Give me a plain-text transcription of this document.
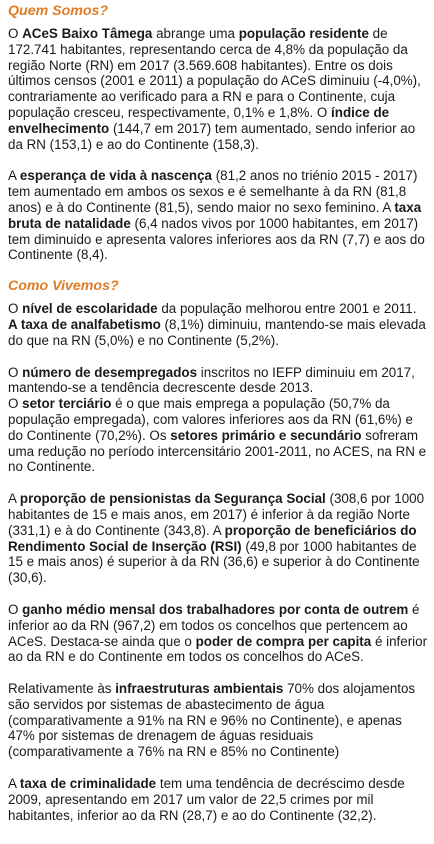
Quem Somos?

O ACeS Baixo Tâmega abrange uma população residente de 172.741 habitantes, representando cerca de 4,8% da população da região Norte (RN) em 2017 (3.569.608 habitantes). Entre os dois últimos censos (2001 e 2011) a população do ACeS diminuiu (-4,0%), contrariamente ao verificado para a RN e para o Continente, cuja população cresceu, respectivamente, 0,1% e 1,8%. O índice de envelhecimento (144,7 em 2017) tem aumentado, sendo inferior ao da RN (153,1) e ao do Continente (158,3).

A esperança de vida à nascença (81,2 anos no triénio 2015 - 2017) tem aumentado em ambos os sexos e é semelhante à da RN (81,8 anos) e à do Continente (81,5), sendo maior no sexo feminino. A taxa bruta de natalidade (6,4 nados vivos por 1000 habitantes, em 2017) tem diminuido e apresenta valores inferiores aos da RN (7,7) e aos do Continente (8,4).

Como Vivemos?

O nível de escolaridade da população melhorou entre 2001 e 2011. A taxa de analfabetismo (8,1%) diminuiu, mantendo-se mais elevada do que na RN (5,0%) e no Continente (5,2%).

O número de desempregados inscritos no IEFP diminuiu em 2017, mantendo-se a tendência decrescente desde 2013.

O setor terciário é o que mais emprega a população (50,7% da população empregada), com valores inferiores aos da RN (61,6%) e do Continente (70,2%). Os setores primário e secundário sofreram uma redução no período intercensitário 2001-2011, no ACES, na RN e no Continente.

A proporção de pensionistas da Segurança Social (308,6 por 1000 habitantes de 15 e mais anos, em 2017) é inferior à da região Norte (331,1) e à do Continente (343,8). A proporção de beneficiários do Rendimento Social de Inserção (RSI) (49,8 por 1000 habitantes de 15 e mais anos) é superior à da RN (36,6) e superior à do Continente (30,6).

O ganho médio mensal dos trabalhadores por conta de outrem é inferior ao da RN (967,2) em todos os concelhos que pertencem ao ACeS. Destaca-se ainda que o poder de compra per capita é inferior ao da RN e do Continente em todos os concelhos do ACeS.

Relativamente às infraestruturas ambientais 70% dos alojamentos são servidos por sistemas de abastecimento de água (comparativamente a 91% na RN e 96% no Continente), e apenas 47% por sistemas de drenagem de águas residuais (comparativamente a 76% na RN e 85% no Continente)

A taxa de criminalidade tem uma tendência de decréscimo desde 2009, apresentando em 2017 um valor de 22,5 crimes por mil habitantes, inferior ao da RN (28,7) e ao do Continente (32,2).
